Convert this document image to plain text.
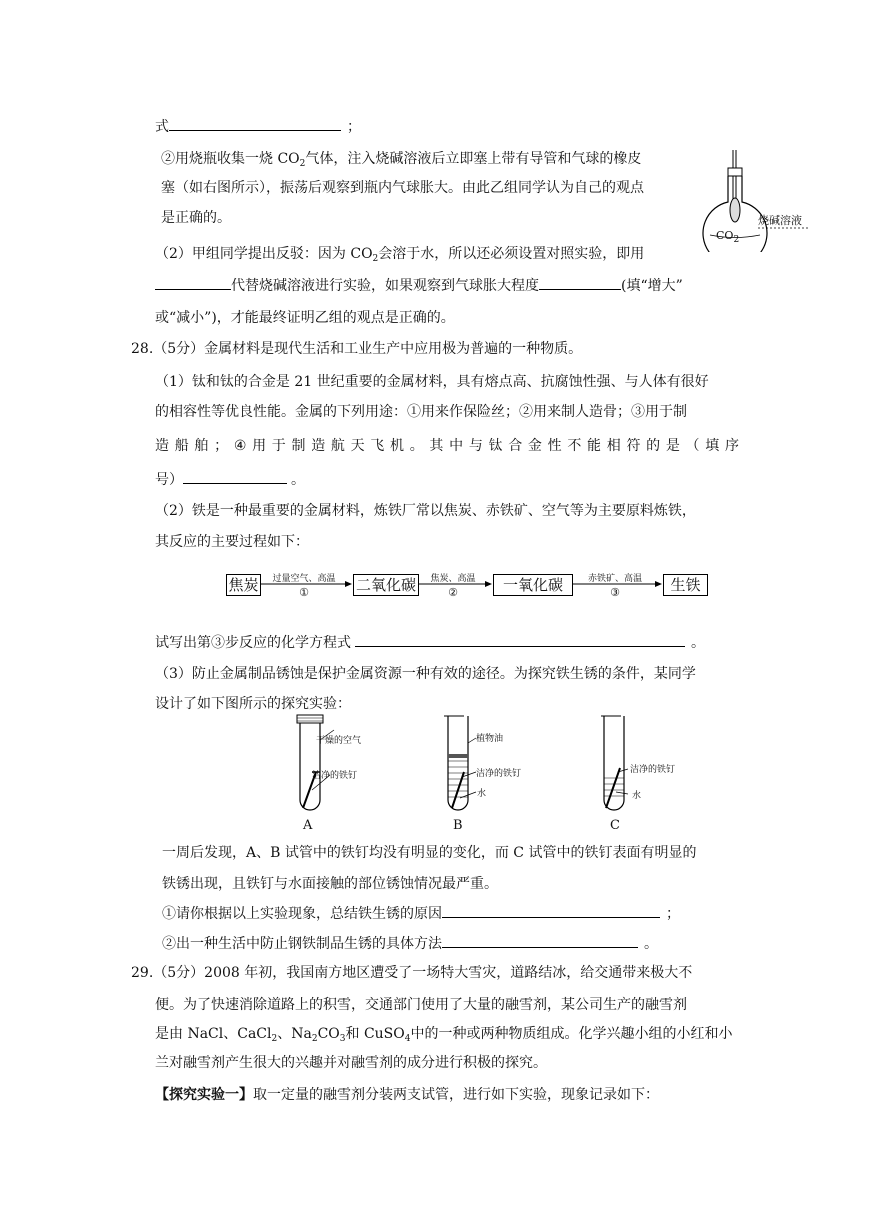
式	；
②用烧瓶收集一烧 $CO_2$气体，注入烧碱溶液后立即塞上带有导管和气球的橡皮
塞（如右图所示），振荡后观察到瓶内气球胀大。由此乙组同学认为自己的观点
是正确的。	烧碱溶液
$CO_2$
（2）甲组同学提出反驳：因为 $CO_2$会溶于水，所以还必须设置对照实验，即用
代替烧碱溶液进行实验，如果观察到气球胀大程度	(填“增大”
或“减小”)，才能最终证明乙组的观点是正确的。
28.（5分）金属材料是现代生活和工业生产中应用极为普遍的一种物质。
（1）钛和钛的合金是 21 世纪重要的金属材料，具有熔点高、抗腐蚀性强、与人体有很好
的相容性等优良性能。金属的下列用途：①用来作保险丝；②用来制人造骨；③用于制
造 船 舶 ； ④ 用 于 制 造 航 天 飞 机 。 其 中 与 钛 合 金 性 不 能 相 符 的 是 （ 填 序
号）	。
（2）铁是一种最重要的金属材料，炼铁厂常以焦炭、赤铁矿、空气等为主要原料炼铁，
其反应的主要过程如下：
焦炭	二氧化碳	一氧化碳	生铁
过量空气、高温
①
焦炭、高温
②
赤铁矿、高温
③
试写出第③步反应的化学方程式	。
（3）防止金属制品锈蚀是保护金属资源一种有效的途径。为探究铁生锈的条件，某同学
设计了如下图所示的探究实验：
干燥的空气
洁净的铁钉
A
植物油
洁净的铁钉
水
B
洁净的铁钉
水
C
一周后发现，A、B 试管中的铁钉均没有明显的变化，而 C 试管中的铁钉表面有明显的
铁锈出现，且铁钉与水面接触的部位锈蚀情况最严重。
①请你根据以上实验现象，总结铁生锈的原因	；
②出一种生活中防止钢铁制品生锈的具体方法	。
29.（5分）2008 年初，我国南方地区遭受了一场特大雪灾，道路结冰，给交通带来极大不
便。为了快速消除道路上的积雪，交通部门使用了大量的融雪剂，某公司生产的融雪剂
是由 NaCl、CaCl$_2$、$Na_2CO_3$和 CuSO$_4$中的一种或两种物质组成。化学兴趣小组的小红和小
兰对融雪剂产生很大的兴趣并对融雪剂的成分进行积极的探究。
【探究实验一】取一定量的融雪剂分装两支试管，进行如下实验，现象记录如下：
